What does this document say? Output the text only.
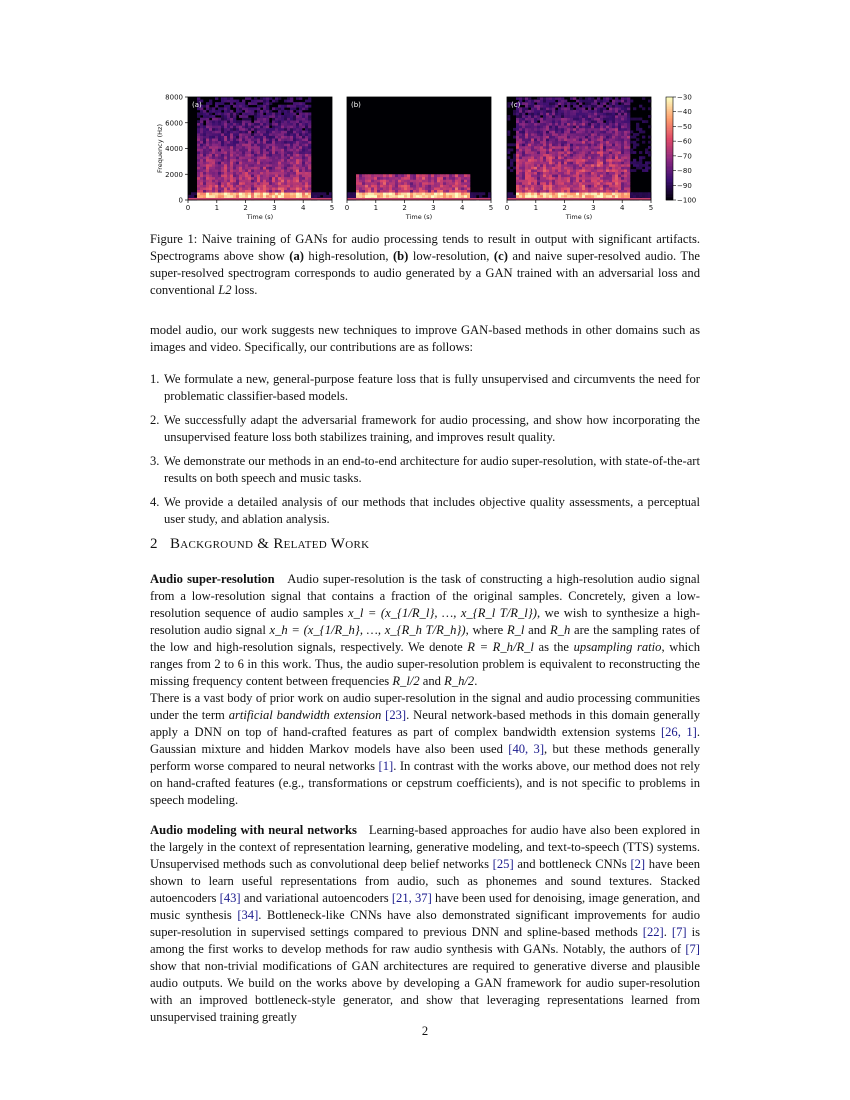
(a)
0	1	2	3	4	5
Time (s)
(b)
0	1	2	3	4	5
Time (s)
(c)
0	1	2	3	4	5
Time (s)
8000
6000
4000
2000
0
Frequency (Hz)
−30
−40
−50
−60
−70
−80
−90
−100

Figure 1: Naive training of GANs for audio processing tends to result in output with significant artifacts. Spectrograms above show (a) high-resolution, (b) low-resolution, (c) and naive super-resolved audio. The super-resolved spectrogram corresponds to audio generated by a GAN trained with an adversarial loss and conventional L2 loss.

model audio, our work suggests new techniques to improve GAN-based methods in other domains such as images and video. Specifically, our contributions are as follows:

1. We formulate a new, general-purpose feature loss that is fully unsupervised and circumvents the need for problematic classifier-based models.
2. We successfully adapt the adversarial framework for audio processing, and show how incorporating the unsupervised feature loss both stabilizes training, and improves result quality.
3. We demonstrate our methods in an end-to-end architecture for audio super-resolution, with state-of-the-art results on both speech and music tasks.
4. We provide a detailed analysis of our methods that includes objective quality assessments, a perceptual user study, and ablation analysis.
2 Background & Related Work

Audio super-resolution Audio super-resolution is the task of constructing a high-resolution audio signal from a low-resolution signal that contains a fraction of the original samples. Concretely, given a low-resolution sequence of audio samples x_l = (x_{1/R_l}, …, x_{R_l T/R_l}), we wish to synthesize a high-resolution audio signal x_h = (x_{1/R_h}, …, x_{R_h T/R_h}), where R_l and R_h are the sampling rates of the low and high-resolution signals, respectively. We denote R = R_h/R_l as the upsampling ratio, which ranges from 2 to 6 in this work. Thus, the audio super-resolution problem is equivalent to reconstructing the missing frequency content between frequencies R_l/2 and R_h/2.

There is a vast body of prior work on audio super-resolution in the signal and audio processing communities under the term artificial bandwidth extension [23]. Neural network-based methods in this domain generally apply a DNN on top of hand-crafted features as part of complex bandwidth extension systems [26, 1]. Gaussian mixture and hidden Markov models have also been used [40, 3], but these methods generally perform worse compared to neural networks [1]. In contrast with the works above, our method does not rely on hand-crafted features (e.g., transformations or cepstrum coefficients), and is not specific to problems in speech modeling.

Audio modeling with neural networks Learning-based approaches for audio have also been explored in the largely in the context of representation learning, generative modeling, and text-to-speech (TTS) systems. Unsupervised methods such as convolutional deep belief networks [25] and bottleneck CNNs [2] have been shown to learn useful representations from audio, such as phonemes and sound textures. Stacked autoencoders [43] and variational autoencoders [21, 37] have been used for denoising, image generation, and music synthesis [34]. Bottleneck-like CNNs have also demonstrated significant improvements for audio super-resolution in supervised settings compared to previous DNN and spline-based methods [22]. [7] is among the first works to develop methods for raw audio synthesis with GANs. Notably, the authors of [7] show that non-trivial modifications of GAN architectures are required to generative diverse and plausible audio outputs. We build on the works above by developing a GAN framework for audio super-resolution with an improved bottleneck-style generator, and show that leveraging representations learned from unsupervised training greatly

2
